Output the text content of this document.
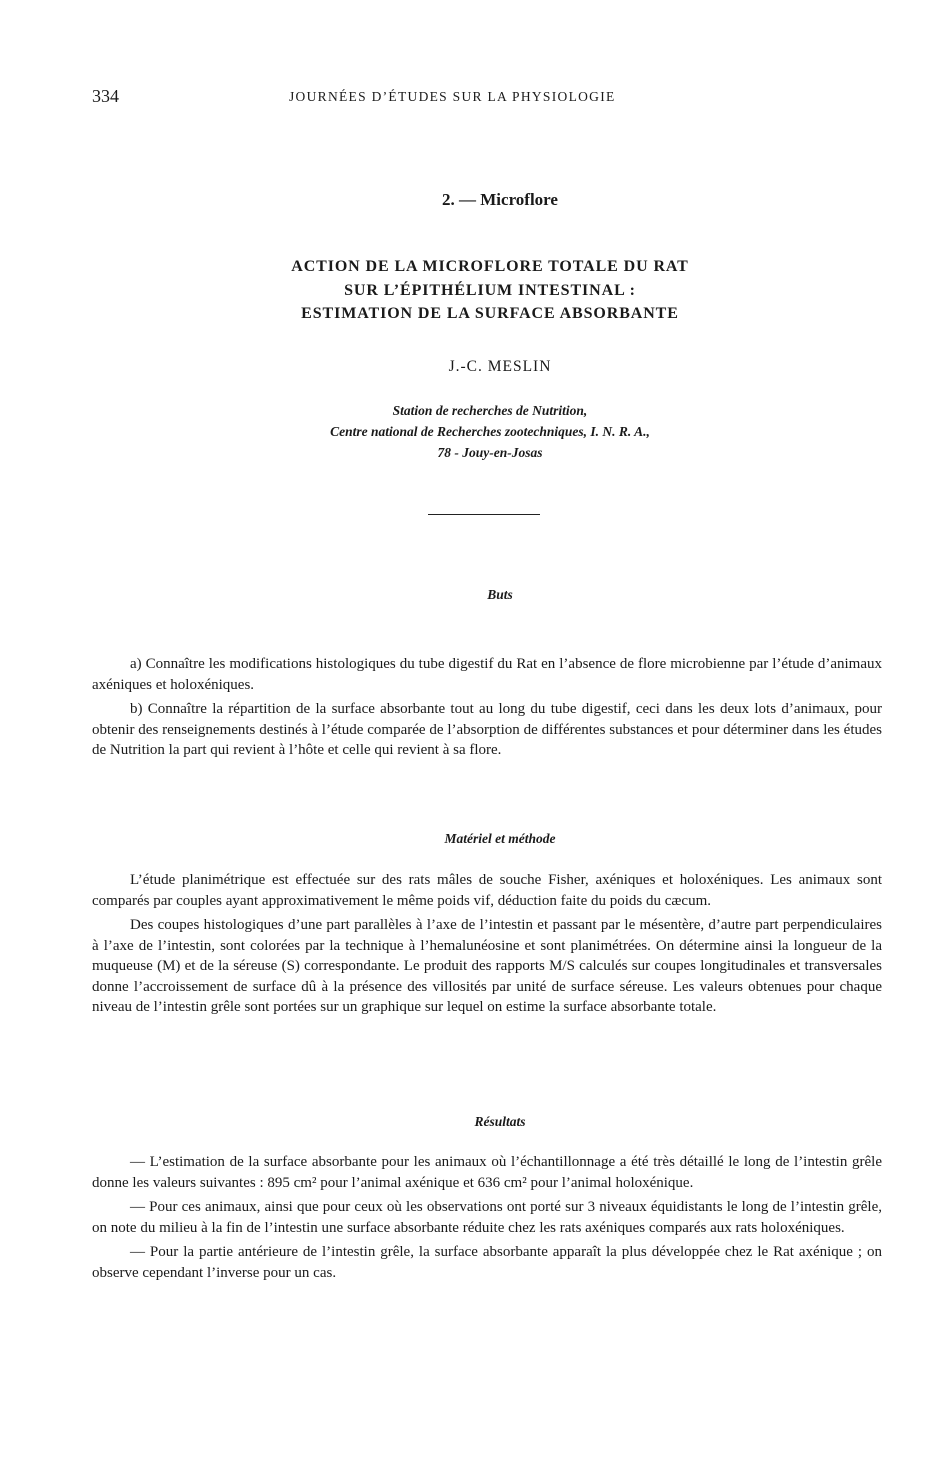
334	JOURNÉES D’ÉTUDES SUR LA PHYSIOLOGIE
2. — Microflore
ACTION DE LA MICROFLORE TOTALE DU RAT
SUR L’ÉPITHÉLIUM INTESTINAL :
ESTIMATION DE LA SURFACE ABSORBANTE
J.-C. MESLIN
Station de recherches de Nutrition,
Centre national de Recherches zootechniques, I. N. R. A.,
78 - Jouy-en-Josas
Buts

a) Connaître les modifications histologiques du tube digestif du Rat en l’absence de flore microbienne par l’étude d’animaux axéniques et holoxéniques.

b) Connaître la répartition de la surface absorbante tout au long du tube digestif, ceci dans les deux lots d’animaux, pour obtenir des renseignements destinés à l’étude comparée de l’absorption de différentes substances et pour déterminer dans les études de Nutrition la part qui revient à l’hôte et celle qui revient à sa flore.

Matériel et méthode

L’étude planimétrique est effectuée sur des rats mâles de souche Fisher, axéniques et holoxéniques. Les animaux sont comparés par couples ayant approximativement le même poids vif, déduction faite du poids du cæcum.

Des coupes histologiques d’une part parallèles à l’axe de l’intestin et passant par le mésentère, d’autre part perpendiculaires à l’axe de l’intestin, sont colorées par la technique à l’hemalunéosine et sont planimétrées. On détermine ainsi la longueur de la muqueuse (M) et de la séreuse (S) correspondante. Le produit des rapports M/S calculés sur coupes longitudinales et transversales donne l’accroissement de surface dû à la présence des villosités par unité de surface séreuse. Les valeurs obtenues pour chaque niveau de l’intestin grêle sont portées sur un graphique sur lequel on estime la surface absorbante totale.

Résultats

— L’estimation de la surface absorbante pour les animaux où l’échantillonnage a été très détaillé le long de l’intestin grêle donne les valeurs suivantes : 895 cm² pour l’animal axénique et 636 cm² pour l’animal holoxénique.

— Pour ces animaux, ainsi que pour ceux où les observations ont porté sur 3 niveaux équidistants le long de l’intestin grêle, on note du milieu à la fin de l’intestin une surface absorbante réduite chez les rats axéniques comparés aux rats holoxéniques.

— Pour la partie antérieure de l’intestin grêle, la surface absorbante apparaît la plus développée chez le Rat axénique ; on observe cependant l’inverse pour un cas.
